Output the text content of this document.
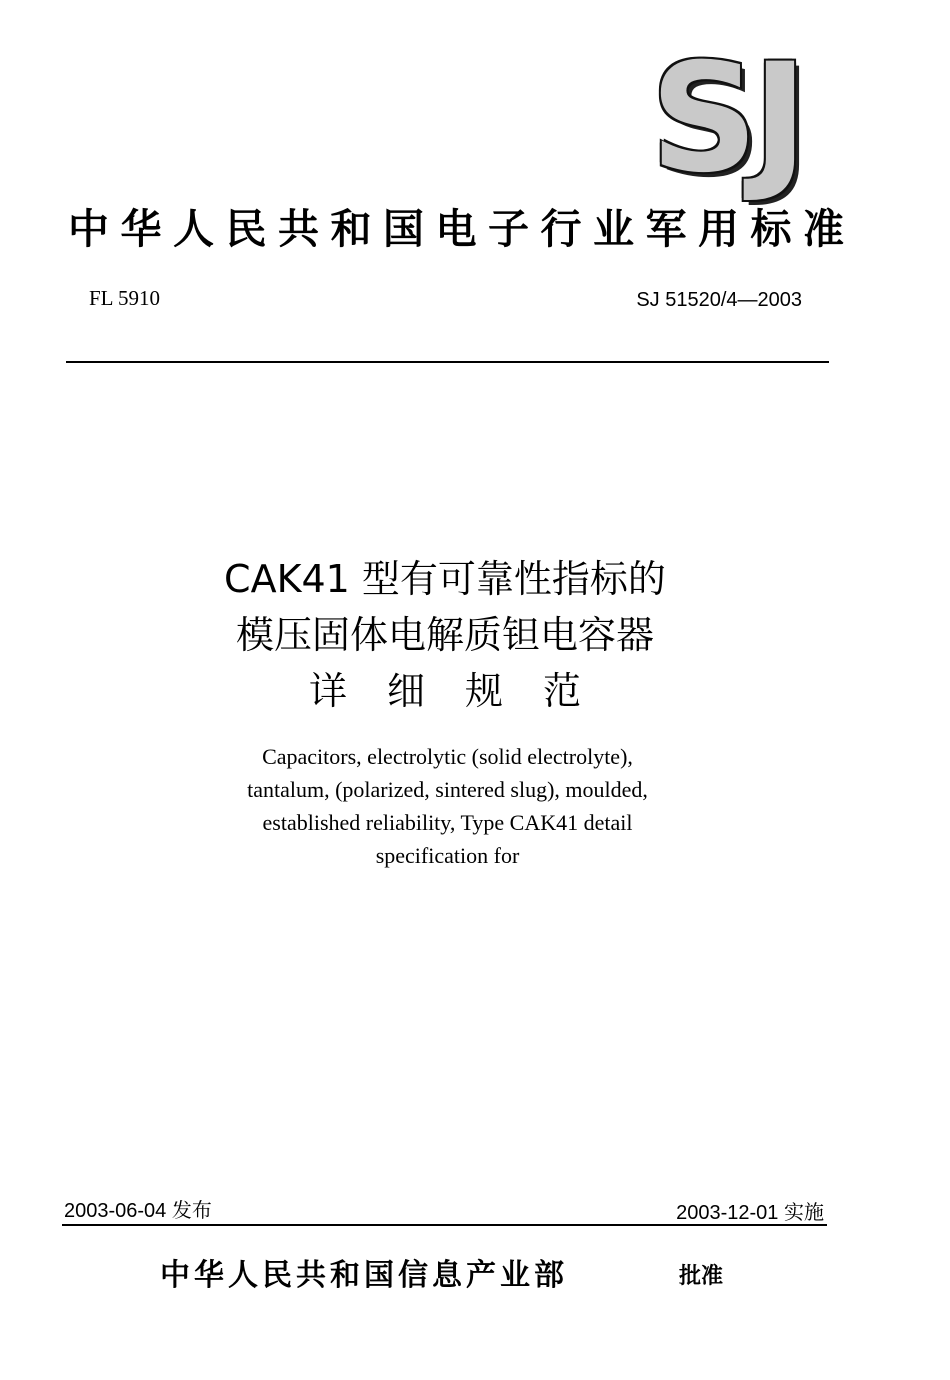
SJ
中华人民共和国电子行业军用标准
FL 5910	SJ 51520/4—2003
CAK41 型有可靠性指标的
模压固体电解质钽电容器
详细规范
Capacitors, electrolytic (solid electrolyte),
tantalum, (polarized, sintered slug), moulded,
established reliability, Type CAK41 detail
specification for
2003-06-04 发布	2003-12-01 实施
中华人民共和国信息产业部	批准
